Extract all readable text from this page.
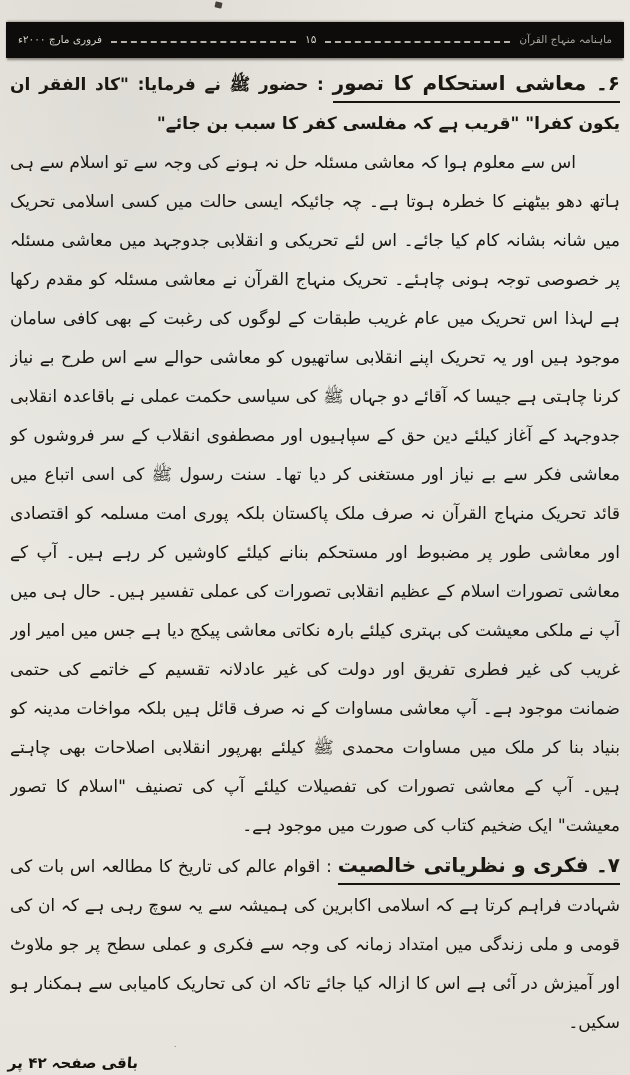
ماہنامہ منہاج القرآن
۱۵
فروری مارچ ۲۰۰۰ء

۶۔ معاشی استحکام کا تصور : حضور ﷺ نے فرمایا: "کاد الفقر ان یکون کفرا" "قریب ہے کہ مفلسی کفر کا سبب بن جائے"

اس سے معلوم ہوا کہ معاشی مسئلہ حل نہ ہونے کی وجہ سے تو اسلام سے ہی ہاتھ دھو بیٹھنے کا خطرہ ہوتا ہے۔ چہ جائیکہ ایسی حالت میں کسی اسلامی تحریک میں شانہ بشانہ کام کیا جائے۔ اس لئے تحریکی و انقلابی جدوجہد میں معاشی مسئلہ پر خصوصی توجہ ہونی چاہئے۔ تحریک منہاج القرآن نے معاشی مسئلہ کو مقدم رکھا ہے لہذا اس تحریک میں عام غریب طبقات کے لوگوں کی رغبت کے بھی کافی سامان موجود ہیں اور یہ تحریک اپنے انقلابی ساتھیوں کو معاشی حوالے سے اس طرح بے نیاز کرنا چاہتی ہے جیسا کہ آقائے دو جہاں ﷺ کی سیاسی حکمت عملی نے باقاعدہ انقلابی جدوجہد کے آغاز کیلئے دین حق کے سپاہیوں اور مصطفوی انقلاب کے سر فروشوں کو معاشی فکر سے بے نیاز اور مستغنی کر دیا تھا۔ سنت رسول ﷺ کی اسی اتباع میں قائد تحریک منہاج القرآن نہ صرف ملک پاکستان بلکہ پوری امت مسلمہ کو اقتصادی اور معاشی طور پر مضبوط اور مستحکم بنانے کیلئے کاوشیں کر رہے ہیں۔ آپ کے معاشی تصورات اسلام کے عظیم انقلابی تصورات کی عملی تفسیر ہیں۔ حال ہی میں آپ نے ملکی معیشت کی بہتری کیلئے بارہ نکاتی معاشی پیکج دیا ہے جس میں امیر اور غریب کی غیر فطری تفریق اور دولت کی غیر عادلانہ تقسیم کے خاتمے کی حتمی ضمانت موجود ہے۔ آپ معاشی مساوات کے نہ صرف قائل ہیں بلکہ مواخات مدینہ کو بنیاد بنا کر ملک میں مساوات محمدی ﷺ کیلئے بھرپور انقلابی اصلاحات بھی چاہتے ہیں۔ آپ کے معاشی تصورات کی تفصیلات کیلئے آپ کی تصنیف "اسلام کا تصور معیشت" ایک ضخیم کتاب کی صورت میں موجود ہے۔

۷۔ فکری و نظریاتی خالصیت : اقوام عالم کی تاریخ کا مطالعہ اس بات کی شہادت فراہم کرتا ہے کہ اسلامی اکابرین کی ہمیشہ سے یہ سوچ رہی ہے کہ ان کی قومی و ملی زندگی میں امتداد زمانہ کی وجہ سے فکری و عملی سطح پر جو ملاوٹ اور آمیزش در آئی ہے اس کا ازالہ کیا جائے تاکہ ان کی تحاریک کامیابی سے ہمکنار ہو سکیں۔

باقی صفحہ ۴۲ پر
